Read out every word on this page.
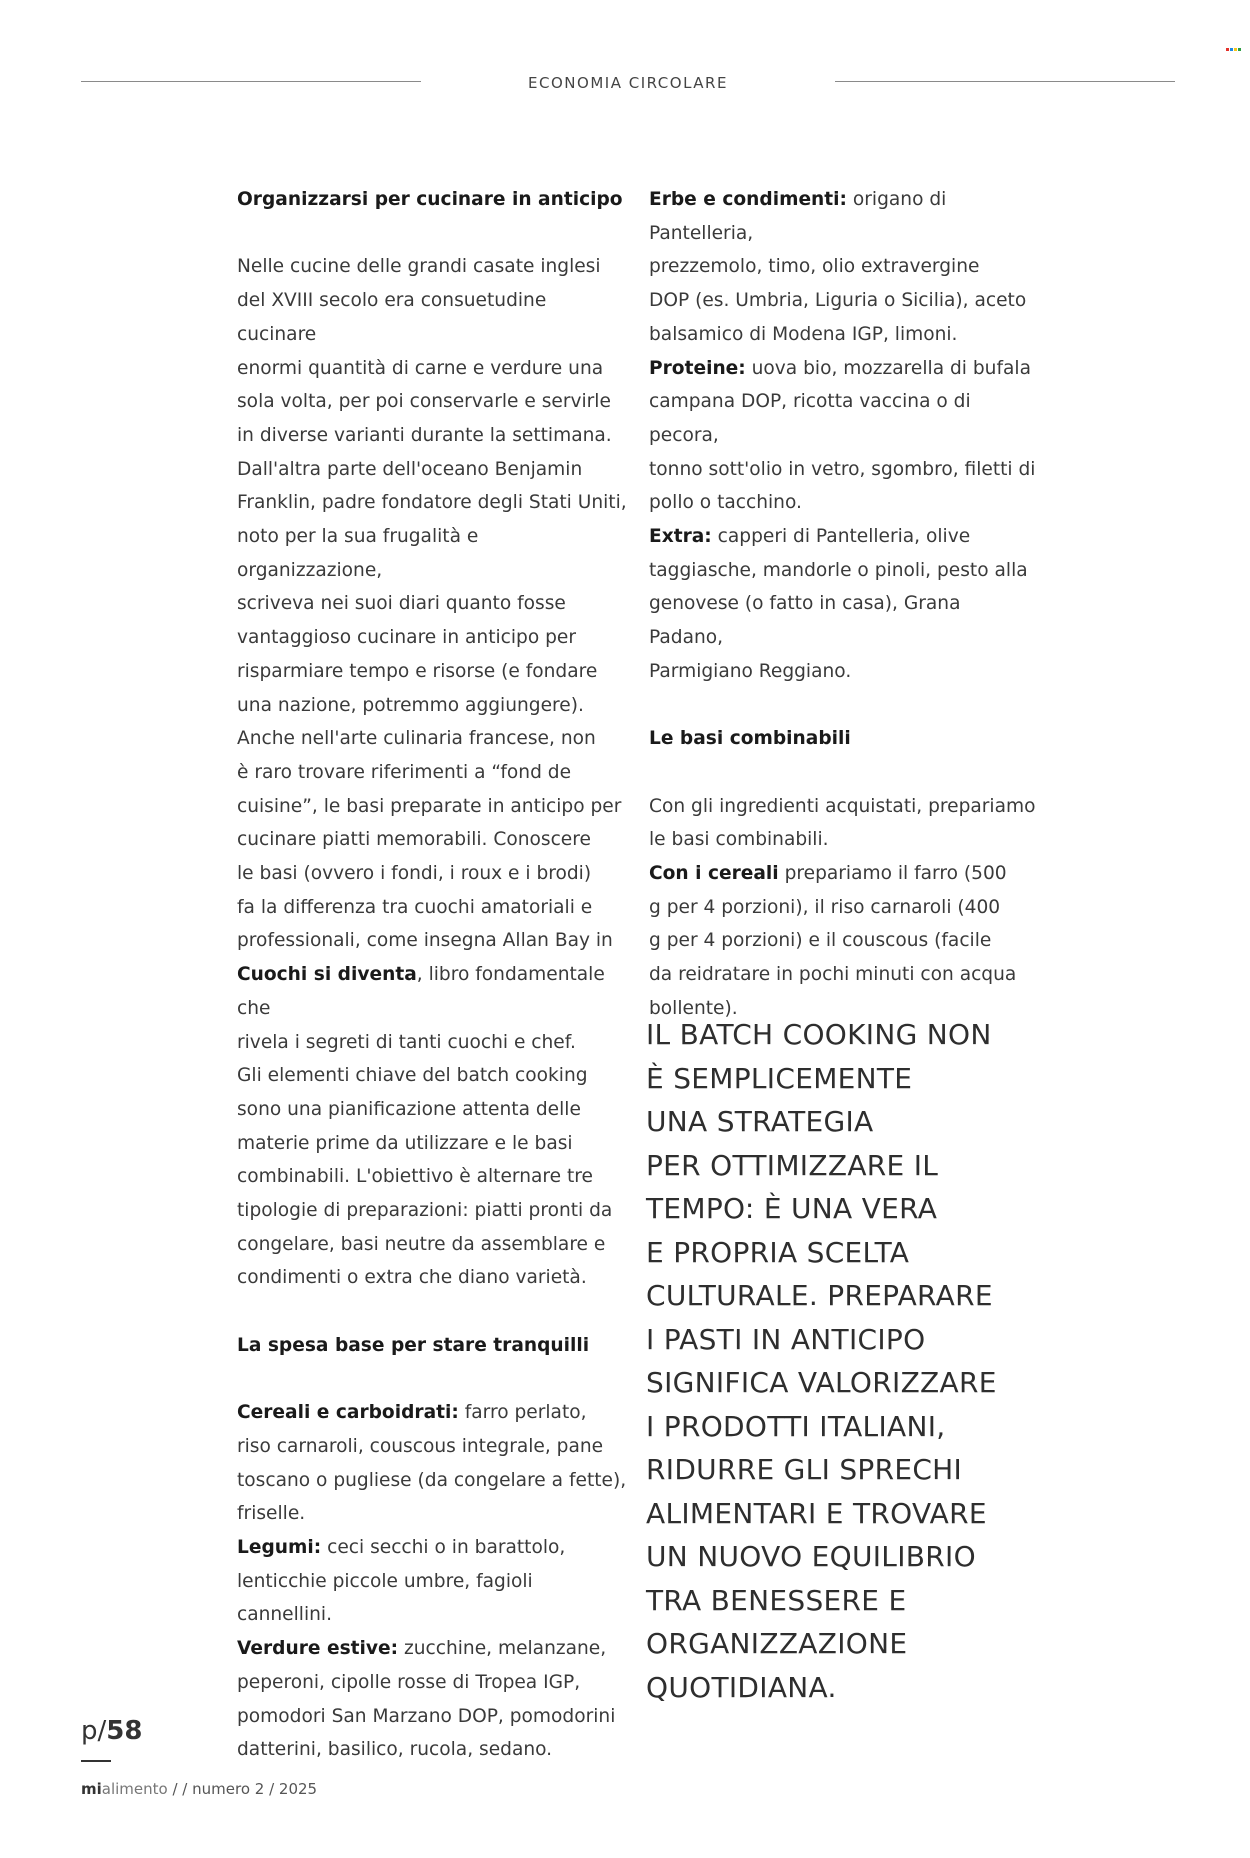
ECONOMIA CIRCOLARE
Organizzarsi per cucinare in anticipo

Nelle cucine delle grandi casate inglesi
del XVIII secolo era consuetudine cucinare
enormi quantità di carne e verdure una
sola volta, per poi conservarle e servirle
in diverse varianti durante la settimana.
Dall'altra parte dell'oceano Benjamin
Franklin, padre fondatore degli Stati Uniti,
noto per la sua frugalità e organizzazione,
scriveva nei suoi diari quanto fosse
vantaggioso cucinare in anticipo per
risparmiare tempo e risorse (e fondare
una nazione, potremmo aggiungere).
Anche nell'arte culinaria francese, non
è raro trovare riferimenti a “fond de
cuisine”, le basi preparate in anticipo per
cucinare piatti memorabili. Conoscere
le basi (ovvero i fondi, i roux e i brodi)
fa la differenza tra cuochi amatoriali e
professionali, come insegna Allan Bay in Cuochi si diventa, libro fondamentale che
rivela i segreti di tanti cuochi e chef.
Gli elementi chiave del batch cooking
sono una pianificazione attenta delle
materie prime da utilizzare e le basi
combinabili. L'obiettivo è alternare tre
tipologie di preparazioni: piatti pronti da
congelare, basi neutre da assemblare e
condimenti o extra che diano varietà.

La spesa base per stare tranquilli

Cereali e carboidrati: farro perlato,
riso carnaroli, couscous integrale, pane
toscano o pugliese (da congelare a fette),
friselle.

Legumi: ceci secchi o in barattolo,
lenticchie piccole umbre, fagioli cannellini.

Verdure estive: zucchine, melanzane,
peperoni, cipolle rosse di Tropea IGP,
pomodori San Marzano DOP, pomodorini
datterini, basilico, rucola, sedano.

Erbe e condimenti: origano di Pantelleria,
prezzemolo, timo, olio extravergine
DOP (es. Umbria, Liguria o Sicilia), aceto
balsamico di Modena IGP, limoni.

Proteine: uova bio, mozzarella di bufala
campana DOP, ricotta vaccina o di pecora,
tonno sott'olio in vetro, sgombro, filetti di
pollo o tacchino.

Extra: capperi di Pantelleria, olive
taggiasche, mandorle o pinoli, pesto alla
genovese (o fatto in casa), Grana Padano,
Parmigiano Reggiano.

Le basi combinabili

Con gli ingredienti acquistati, prepariamo
le basi combinabili.

Con i cereali prepariamo il farro (500
g per 4 porzioni), il riso carnaroli (400
g per 4 porzioni) e il couscous (facile
da reidratare in pochi minuti con acqua
bollente).

IL BATCH COOKING NON
È SEMPLICEMENTE
UNA STRATEGIA
PER OTTIMIZZARE IL
TEMPO: È UNA VERA
E PROPRIA SCELTA
CULTURALE. PREPARARE
I PASTI IN ANTICIPO
SIGNIFICA VALORIZZARE
I PRODOTTI ITALIANI,
RIDURRE GLI SPRECHI
ALIMENTARI E TROVARE
UN NUOVO EQUILIBRIO
TRA BENESSERE E
ORGANIZZAZIONE
QUOTIDIANA.
p/58
mialimento / / numero 2 / 2025
